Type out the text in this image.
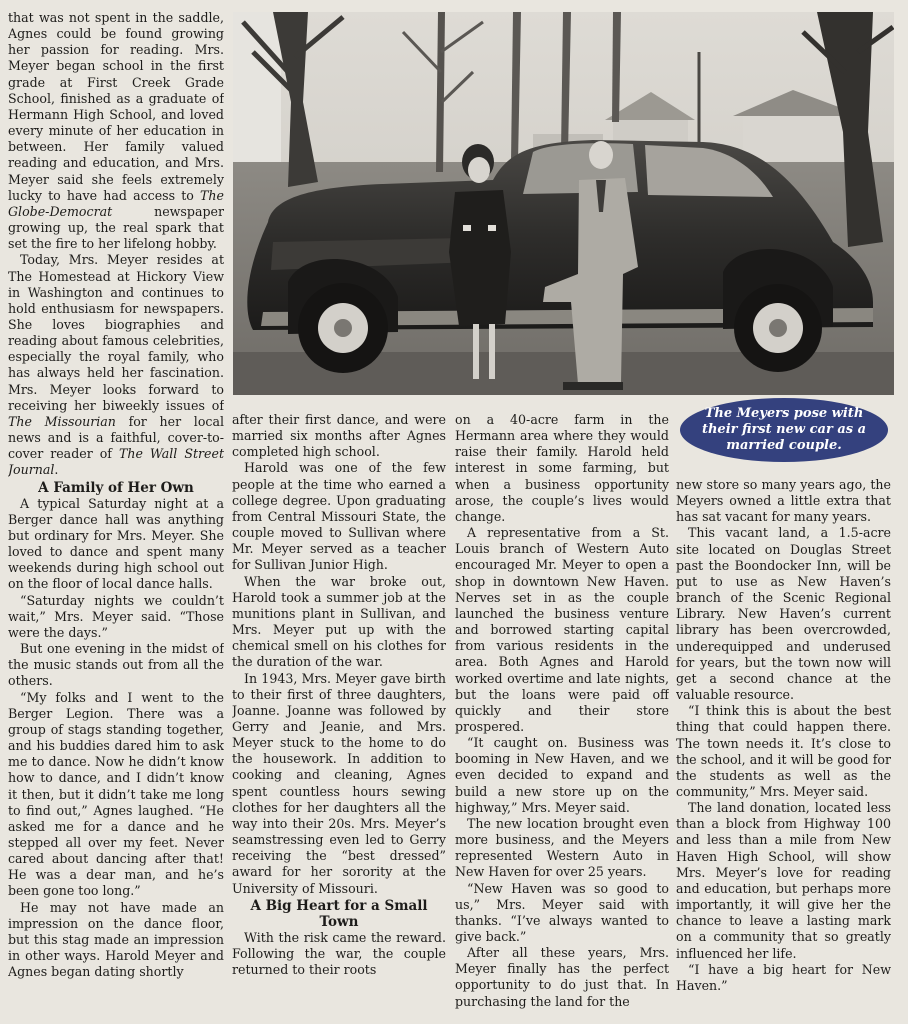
that was not spent in the saddle, Agnes could be found growing her passion for reading. Mrs. Meyer began school in the first grade at First Creek Grade School, finished as a graduate of Hermann High School, and loved every minute of her education in between. Her family valued reading and education, and Mrs. Meyer said she feels extremely lucky to have had access to The Globe-Democrat newspaper growing up, the real spark that set the fire to her lifelong hobby.

Today, Mrs. Meyer resides at The Homestead at Hickory View in Washington and continues to hold enthusiasm for newspapers. She loves biographies and reading about famous celebrities, especially the royal family, who has always held her fascination. Mrs. Meyer looks forward to receiving her biweekly issues of The Missourian for her local news and is a faithful, cover-to-cover reader of The Wall Street Journal.

A Family of Her Own

A typical Saturday night at a Berger dance hall was anything but ordinary for Mrs. Meyer. She loved to dance and spent many weekends during high school out on the floor of local dance halls.

“Saturday nights we couldn’t wait,” Mrs. Meyer said. “Those were the days.”

But one evening in the midst of the music stands out from all the others.

“My folks and I went to the Berger Legion. There was a group of stags standing together, and his buddies dared him to ask me to dance. Now he didn’t know how to dance, and I didn’t know it then, but it didn’t take me long to find out,” Agnes laughed. “He asked me for a dance and he stepped all over my feet. Never cared about dancing after that! He was a dear man, and he’s been gone too long.”

He may not have made an impression on the dance floor, but this stag made an impression in other ways. Harold Meyer and Agnes began dating shortly

The Meyers pose with their first new car as a married couple.

after their first dance, and were married six months after Agnes completed high school.

Harold was one of the few people at the time who earned a college degree. Upon graduating from Central Missouri State, the couple moved to Sullivan where Mr. Meyer served as a teacher for Sullivan Junior High.

When the war broke out, Harold took a summer job at the munitions plant in Sullivan, and Mrs. Meyer put up with the chemical smell on his clothes for the duration of the war.

In 1943, Mrs. Meyer gave birth to their first of three daughters, Joanne. Joanne was followed by Gerry and Jeanie, and Mrs. Meyer stuck to the home to do the housework. In addition to cooking and cleaning, Agnes spent countless hours sewing clothes for her daughters all the way into their 20s. Mrs. Meyer’s seamstressing even led to Gerry receiving the “best dressed” award for her sorority at the University of Missouri.

A Big Heart for a Small Town

With the risk came the reward. Following the war, the couple returned to their roots

on a 40-acre farm in the Hermann area where they would raise their family. Harold held interest in some farming, but when a business opportunity arose, the couple’s lives would change.

A representative from a St. Louis branch of Western Auto encouraged Mr. Meyer to open a shop in downtown New Haven. Nerves set in as the couple launched the business venture and borrowed starting capital from various residents in the area. Both Agnes and Harold worked overtime and late nights, but the loans were paid off quickly and their store prospered.

“It caught on. Business was booming in New Haven, and we even decided to expand and build a new store up on the highway,” Mrs. Meyer said.

The new location brought even more business, and the Meyers represented Western Auto in New Haven for over 25 years.

“New Haven was so good to us,” Mrs. Meyer said with thanks. “I’ve always wanted to give back.”

After all these years, Mrs. Meyer finally has the perfect opportunity to do just that. In purchasing the land for the

new store so many years ago, the Meyers owned a little extra that has sat vacant for many years.

This vacant land, a 1.5-acre site located on Douglas Street past the Boondocker Inn, will be put to use as New Haven’s branch of the Scenic Regional Library. New Haven’s current library has been overcrowded, underequipped and underused for years, but the town now will get a second chance at the valuable resource.

“I think this is about the best thing that could happen there. The town needs it. It’s close to the school, and it will be good for the students as well as the community,” Mrs. Meyer said.

The land donation, located less than a block from Highway 100 and less than a mile from New Haven High School, will show Mrs. Meyer’s love for reading and education, but perhaps more importantly, it will give her the chance to leave a lasting mark on a community that so greatly influenced her life.

“I have a big heart for New Haven.”
